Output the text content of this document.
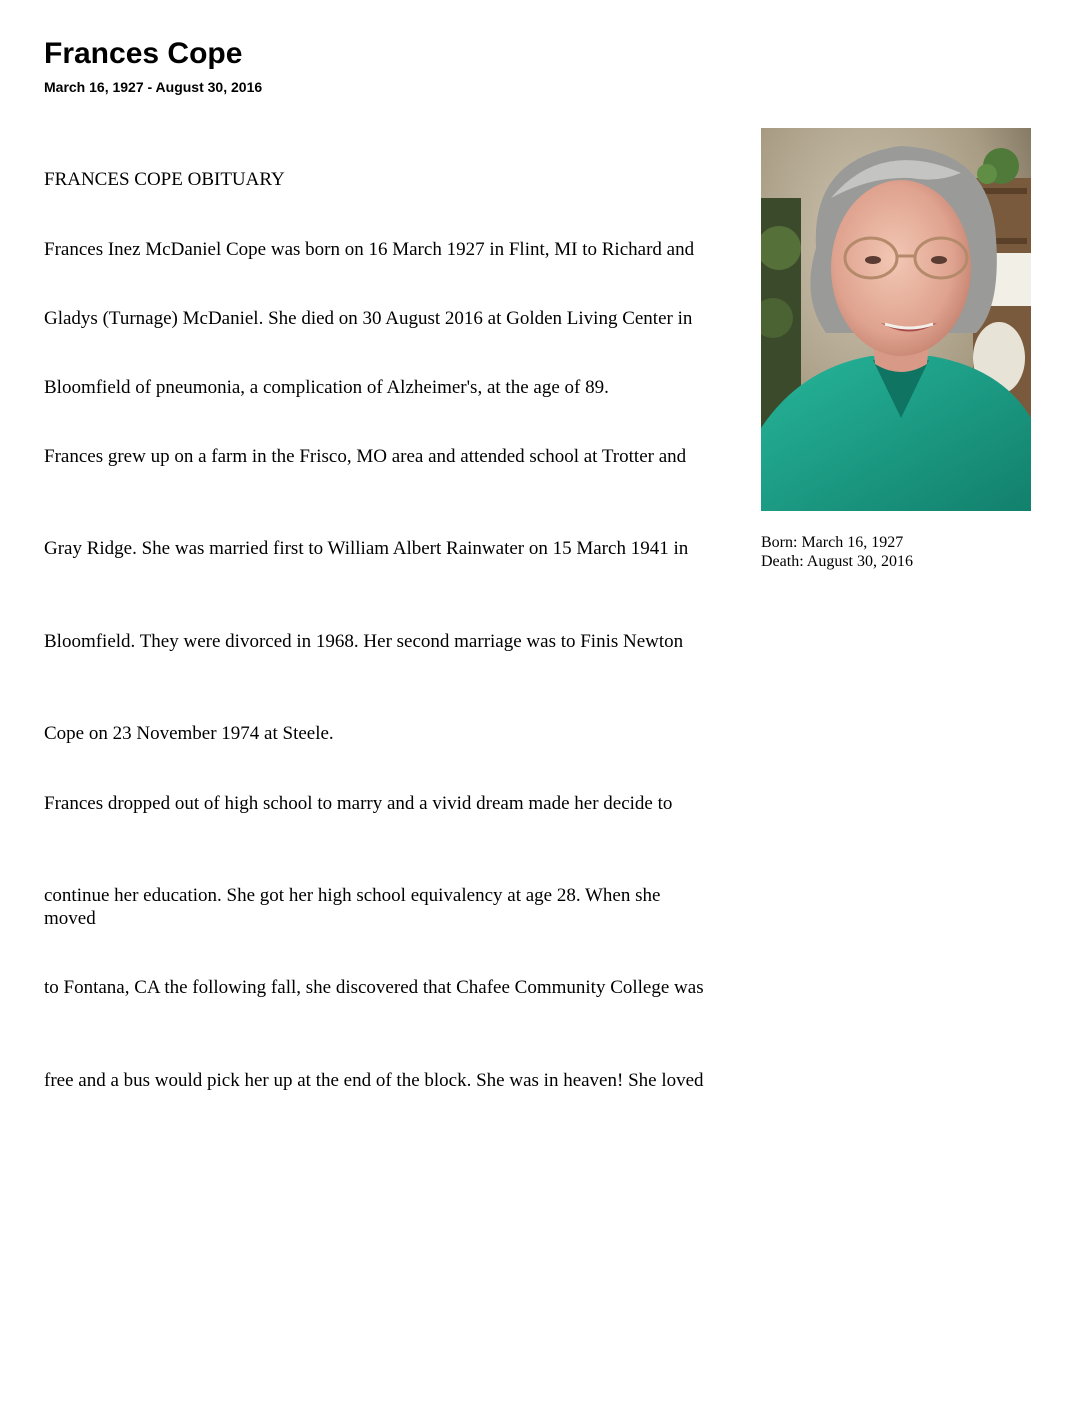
Frances Cope
March 16, 1927 - August 30, 2016

FRANCES COPE OBITUARY

Frances Inez McDaniel Cope was born on 16 March 1927 in Flint, MI to Richard and

Gladys (Turnage) McDaniel. She died on 30 August 2016 at Golden Living Center in

Bloomfield of pneumonia, a complication of Alzheimer's, at the age of 89.

Frances grew up on a farm in the Frisco, MO area and attended school at Trotter and

Gray Ridge. She was married first to William Albert Rainwater on 15 March 1941 in

Bloomfield. They were divorced in 1968. Her second marriage was to Finis Newton

Cope on 23 November 1974 at Steele.

Frances dropped out of high school to marry and a vivid dream made her decide to

continue her education. She got her high school equivalency at age 28. When she moved

to Fontana, CA the following fall, she discovered that Chafee Community College was

free and a bus would pick her up at the end of the block. She was in heaven! She loved

Born: March 16, 1927
Death: August 30, 2016
